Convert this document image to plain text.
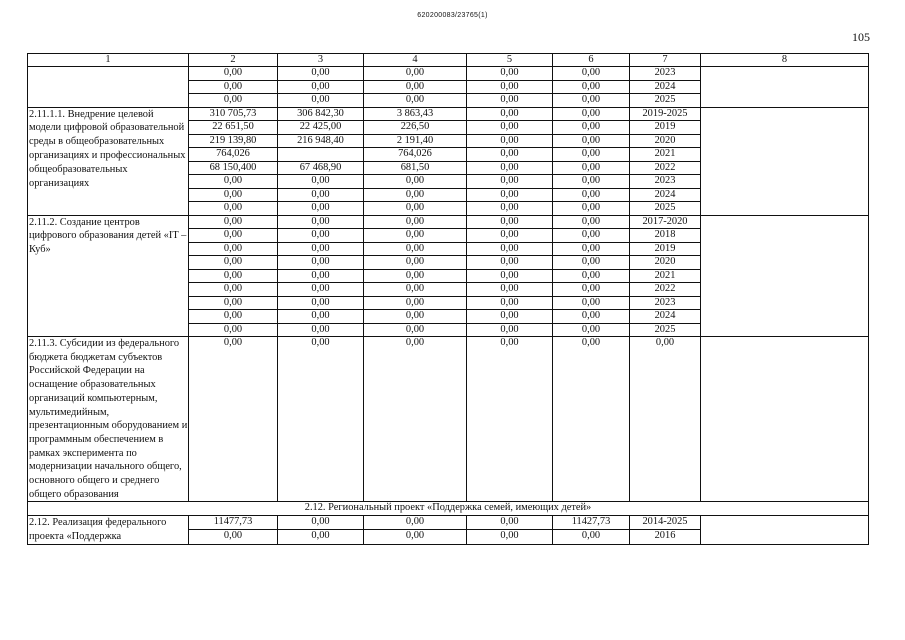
620200083/23765(1)
105
1	2	3	4	5	6	7	8
	0,00	0,00	0,00	0,00	0,00	2023	
	0,00	0,00	0,00	0,00	0,00	2024	
	0,00	0,00	0,00	0,00	0,00	2025	
2.11.1.1. Внедрение целевой модели цифровой образовательной среды в общеобразовательных организациях и профессиональных общеобразовательных организациях	310 705,73	306 842,30	3 863,43	0,00	0,00	2019-2025	
	22 651,50	22 425,00	226,50	0,00	0,00	2019	
	219 139,80	216 948,40	2 191,40	0,00	0,00	2020	
	764,026		764,026	0,00	0,00	2021	
	68 150,400	67 468,90	681,50	0,00	0,00	2022	
	0,00	0,00	0,00	0,00	0,00	2023	
	0,00	0,00	0,00	0,00	0,00	2024	
	0,00	0,00	0,00	0,00	0,00	2025	
2.11.2. Создание центров цифрового образования детей «IT –Куб»	0,00	0,00	0,00	0,00	0,00	2017-2020	
	0,00	0,00	0,00	0,00	0,00	2018	
	0,00	0,00	0,00	0,00	0,00	2019	
	0,00	0,00	0,00	0,00	0,00	2020	
	0,00	0,00	0,00	0,00	0,00	2021	
	0,00	0,00	0,00	0,00	0,00	2022	
	0,00	0,00	0,00	0,00	0,00	2023	
	0,00	0,00	0,00	0,00	0,00	2024	
	0,00	0,00	0,00	0,00	0,00	2025	
2.11.3. Субсидии из федерального бюджета бюджетам субъектов Российской Федерации на оснащение образовательных организаций компьютерным, мультимедийным, презентационным оборудованием и программным обеспечением в рамках эксперимента по модернизации начального общего, основного общего и среднего общего образования	0,00	0,00	0,00	0,00	0,00	0,00	
2.12. Региональный проект «Поддержка семей, имеющих детей»							
2.12. Реализация федерального проекта «Поддержка	11477,73	0,00	0,00	0,00	11427,73	2014-2025	
	0,00	0,00	0,00	0,00	0,00	2016	
